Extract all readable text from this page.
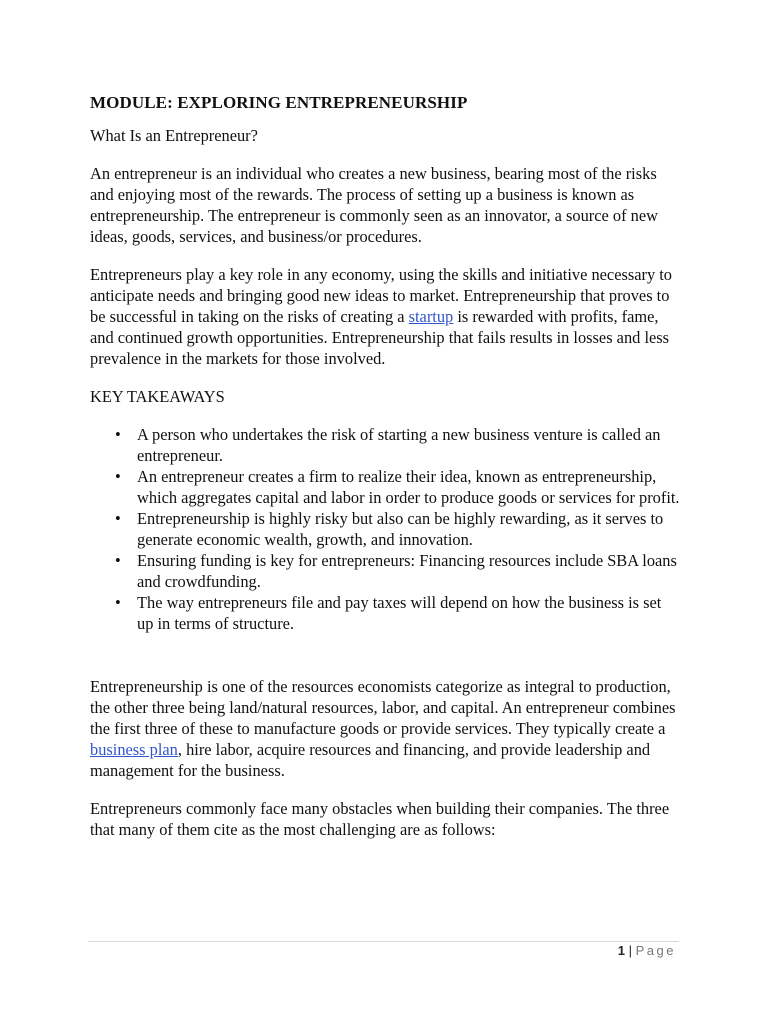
MODULE: EXPLORING ENTREPRENEURSHIP

What Is an Entrepreneur?

An entrepreneur is an individual who creates a new business, bearing most of the risks and enjoying most of the rewards. The process of setting up a business is known as entrepreneurship. The entrepreneur is commonly seen as an innovator, a source of new ideas, goods, services, and business/or procedures.

Entrepreneurs play a key role in any economy, using the skills and initiative necessary to anticipate needs and bringing good new ideas to market. Entrepreneurship that proves to be successful in taking on the risks of creating a startup is rewarded with profits, fame, and continued growth opportunities. Entrepreneurship that fails results in losses and less prevalence in the markets for those involved.

KEY TAKEAWAYS
• A person who undertakes the risk of starting a new business venture is called an entrepreneur.
• An entrepreneur creates a firm to realize their idea, known as entrepreneurship, which aggregates capital and labor in order to produce goods or services for profit.
• Entrepreneurship is highly risky but also can be highly rewarding, as it serves to generate economic wealth, growth, and innovation.
• Ensuring funding is key for entrepreneurs: Financing resources include SBA loans and crowdfunding.
• The way entrepreneurs file and pay taxes will depend on how the business is set up in terms of structure.

Entrepreneurship is one of the resources economists categorize as integral to production, the other three being land/natural resources, labor, and capital. An entrepreneur combines the first three of these to manufacture goods or provide services. They typically create a business plan, hire labor, acquire resources and financing, and provide leadership and management for the business.

Entrepreneurs commonly face many obstacles when building their companies. The three that many of them cite as the most challenging are as follows:

1 | Page
